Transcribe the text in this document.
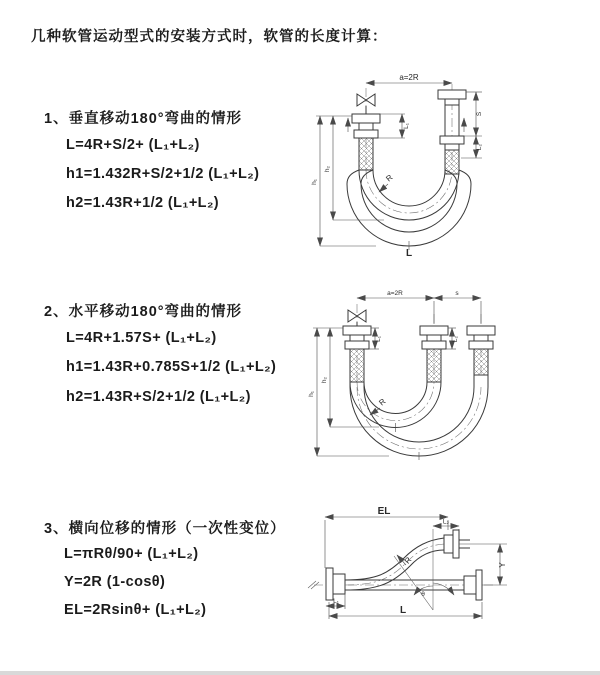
几种软管运动型式的安装方式时，软管的长度计算：
1、垂直移动180°弯曲的情形
L=4R+S/2+ (L₁+L₂)
h1=1.432R+S/2+1/2 (L₁+L₂)
h2=1.43R+1/2 (L₁+L₂)
2、水平移动180°弯曲的情形
L=4R+1.57S+ (L₁+L₂)
h1=1.43R+0.785S+1/2 (L₁+L₂)
h2=1.43R+S/2+1/2 (L₁+L₂)
3、横向位移的情形（一次性变位）
L=πRθ/90+ (L₁+L₂)
Y=2R (1-cosθ)
EL=2Rsinθ+ (L₁+L₂)
a=2R
R
h₁
h₂
L₁
S
L₂
L
a=2R	s
R
h₁
h₂
L₁	L₂
EL
L₂
Y
θ
R
L₁
L
